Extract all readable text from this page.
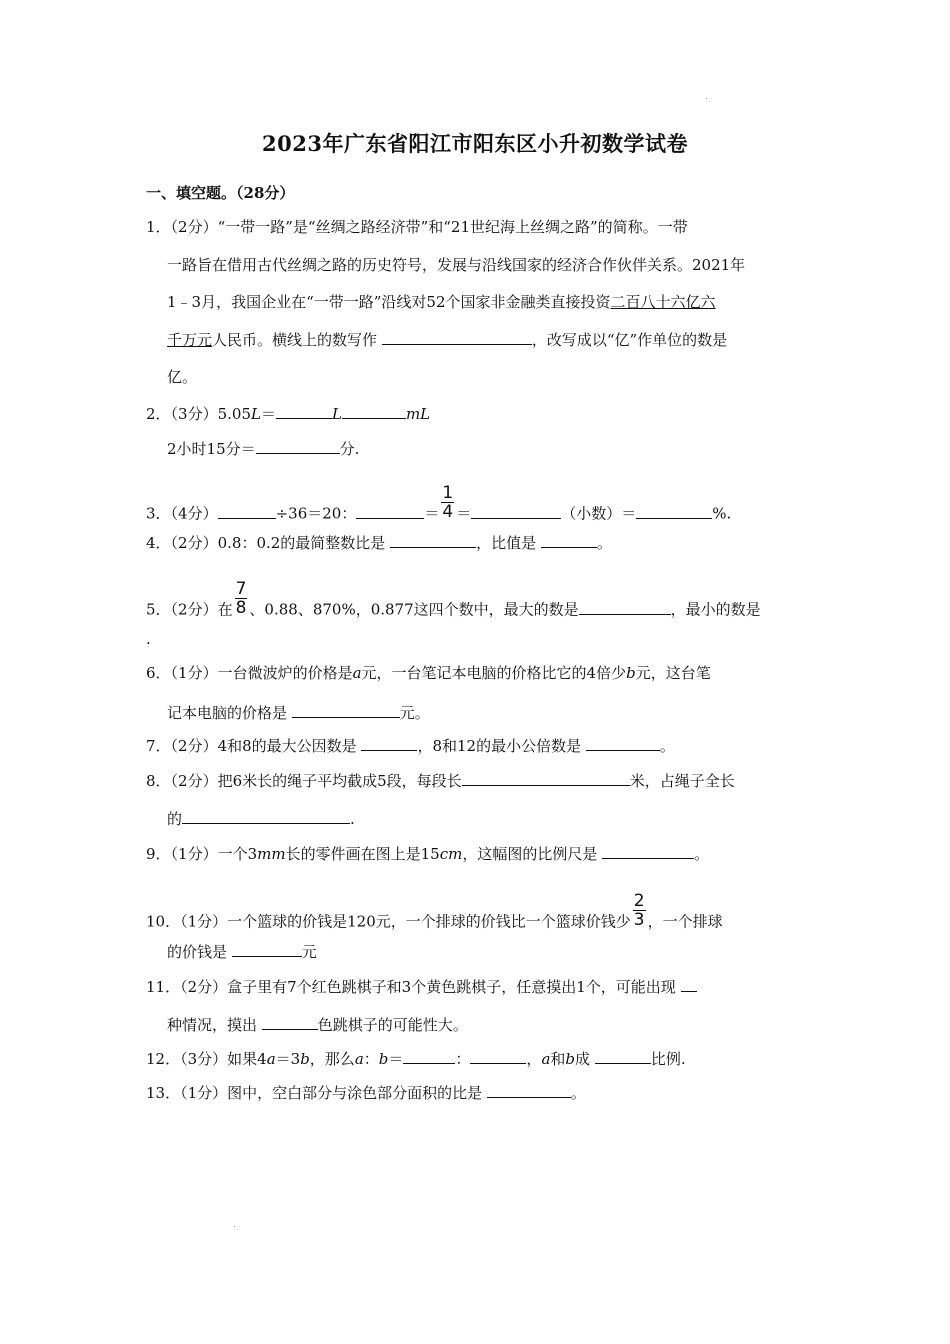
2023年广东省阳江市阳东区小升初数学试卷
一、填空题。（28分）
1．（2分）“一带一路”是“丝绸之路经济带”和“21世纪海上丝绸之路”的简称。一带
一路旨在借用古代丝绸之路的历史符号，发展与沿线国家的经济合作伙伴关系。2021年
1﹣3月，我国企业在“一带一路”沿线对52个国家非金融类直接投资二百八十六亿六
千万元人民币。横线上的数写作	，改写成以“亿”作单位的数是
亿。
2．（3分）5.05L＝	L	mL
2小时15分＝	分.
3．（4分）	÷36＝20：	＝ $\frac{1}{4}$ ＝	（小数）＝	%.
4．（2分）0.8：0.2的最简整数比是	，比值是	。
5．（2分）在 $\frac{7}{8}$ 、0.88、870%，0.877这四个数中，最大的数是	，最小的数是
.
6．（1分）一台微波炉的价格是a元，一台笔记本电脑的价格比它的4倍少b元，这台笔
记本电脑的价格是	元。
7．（2分）4和8的最大公因数是	，8和12的最小公倍数是	。
8．（2分）把6米长的绳子平均截成5段，每段长	米，占绳子全长
的	.
9．（1分）一个3mm长的零件画在图上是15cm，这幅图的比例尺是	。
10．（1分）一个篮球的价钱是120元，一个排球的价钱比一个篮球价钱少 $\frac{2}{3}$ ，一个排球
的价钱是	元
11．（2分）盒子里有7个红色跳棋子和3个黄色跳棋子，任意摸出1个，可能出现
种情况，摸出	色跳棋子的可能性大。
12．（3分）如果4a＝3b，那么a：b＝	：	，a和b成	比例.
13．（1分）图中，空白部分与涂色部分面积的比是	。
